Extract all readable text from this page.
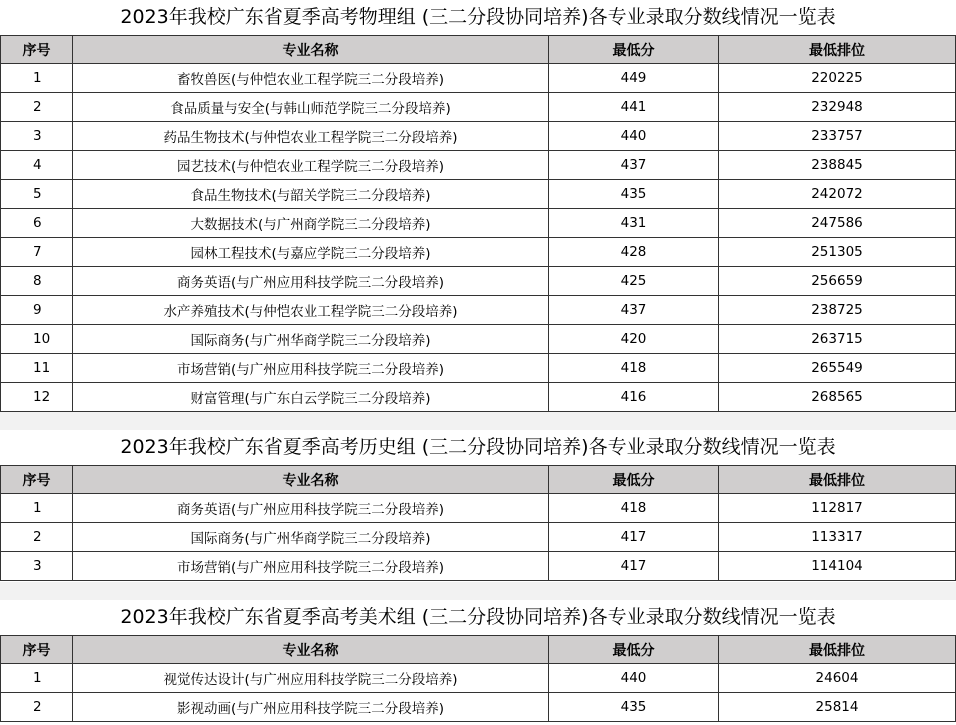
2023年我校广东省夏季高考物理组 (三二分段协同培养)各专业录取分数线情况一览表
序号	专业名称	最低分	最低排位
1	畜牧兽医(与仲恺农业工程学院三二分段培养)	449	220225
2	食品质量与安全(与韩山师范学院三二分段培养)	441	232948
3	药品生物技术(与仲恺农业工程学院三二分段培养)	440	233757
4	园艺技术(与仲恺农业工程学院三二分段培养)	437	238845
5	食品生物技术(与韶关学院三二分段培养)	435	242072
6	大数据技术(与广州商学院三二分段培养)	431	247586
7	园林工程技术(与嘉应学院三二分段培养)	428	251305
8	商务英语(与广州应用科技学院三二分段培养)	425	256659
9	水产养殖技术(与仲恺农业工程学院三二分段培养)	437	238725
10	国际商务(与广州华商学院三二分段培养)	420	263715
11	市场营销(与广州应用科技学院三二分段培养)	418	265549
12	财富管理(与广东白云学院三二分段培养)	416	268565
2023年我校广东省夏季高考历史组 (三二分段协同培养)各专业录取分数线情况一览表
序号	专业名称	最低分	最低排位
1	商务英语(与广州应用科技学院三二分段培养)	418	112817
2	国际商务(与广州华商学院三二分段培养)	417	113317
3	市场营销(与广州应用科技学院三二分段培养)	417	114104
2023年我校广东省夏季高考美术组 (三二分段协同培养)各专业录取分数线情况一览表
序号	专业名称	最低分	最低排位
1	视觉传达设计(与广州应用科技学院三二分段培养)	440	24604
2	影视动画(与广州应用科技学院三二分段培养)	435	25814
